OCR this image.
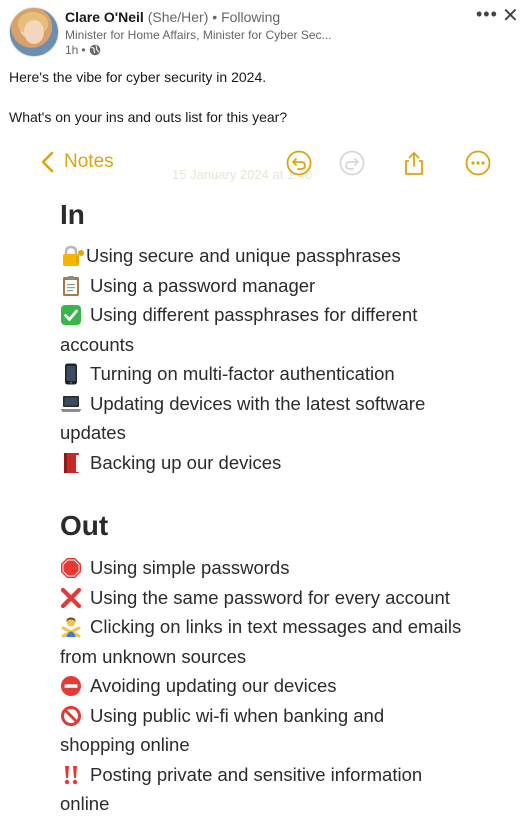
Clare O'Neil (She/Her) • Following
Minister for Home Affairs, Minister for Cyber Sec...
1h •
••• ✕
Here's the vibe for cyber security in 2024.
What's on your ins and outs list for this year?
Notes
15 January 2024 at 1:40
In
Using secure and unique passphrases
Using a password manager
Using different passphrases for different
accounts
Turning on multi-factor authentication
Updating devices with the latest software
updates
Backing up our devices
Out
Using simple passwords
Using the same password for every account
Clicking on links in text messages and emails
from unknown sources
Avoiding updating our devices
Using public wi-fi when banking and
shopping online
Posting private and sensitive information
online
